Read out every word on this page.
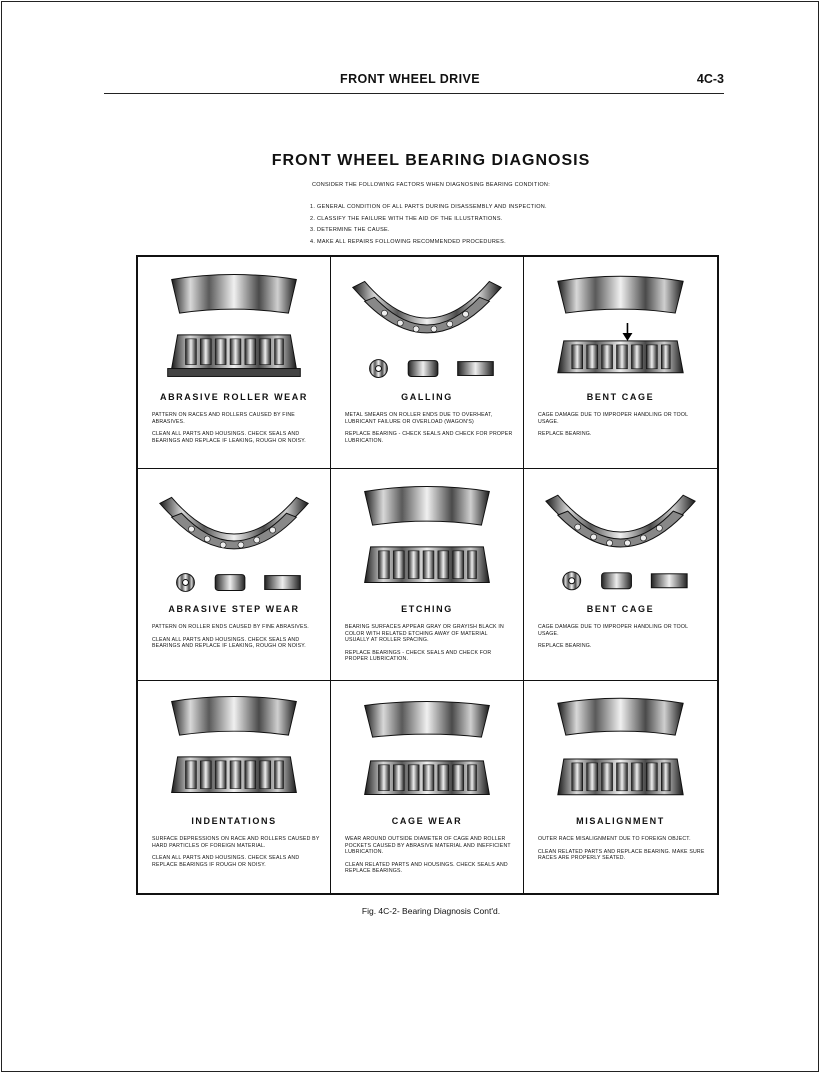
FRONT WHEEL DRIVE	4C-3
FRONT WHEEL BEARING DIAGNOSIS
CONSIDER THE FOLLOWING FACTORS WHEN DIAGNOSING BEARING CONDITION:
1. GENERAL CONDITION OF ALL PARTS DURING DISASSEMBLY AND INSPECTION.
2. CLASSIFY THE FAILURE WITH THE AID OF THE ILLUSTRATIONS.
3. DETERMINE THE CAUSE.
4. MAKE ALL REPAIRS FOLLOWING RECOMMENDED PROCEDURES.
ABRASIVE ROLLER WEAR

PATTERN ON RACES AND ROLLERS CAUSED BY FINE ABRASIVES.

CLEAN ALL PARTS AND HOUSINGS. CHECK SEALS AND BEARINGS AND REPLACE IF LEAKING, ROUGH OR NOISY.

GALLING

METAL SMEARS ON ROLLER ENDS DUE TO OVERHEAT, LUBRICANT FAILURE OR OVERLOAD (WAGON'S)

REPLACE BEARING - CHECK SEALS AND CHECK FOR PROPER LUBRICATION.

BENT CAGE

CAGE DAMAGE DUE TO IMPROPER HANDLING OR TOOL USAGE.

REPLACE BEARING.

ABRASIVE STEP WEAR

PATTERN ON ROLLER ENDS CAUSED BY FINE ABRASIVES.

CLEAN ALL PARTS AND HOUSINGS. CHECK SEALS AND BEARINGS AND REPLACE IF LEAKING, ROUGH OR NOISY.

ETCHING

BEARING SURFACES APPEAR GRAY OR GRAYISH BLACK IN COLOR WITH RELATED ETCHING AWAY OF MATERIAL USUALLY AT ROLLER SPACING.

REPLACE BEARINGS - CHECK SEALS AND CHECK FOR PROPER LUBRICATION.

BENT CAGE

CAGE DAMAGE DUE TO IMPROPER HANDLING OR TOOL USAGE.

REPLACE BEARING.

INDENTATIONS

SURFACE DEPRESSIONS ON RACE AND ROLLERS CAUSED BY HARD PARTICLES OF FOREIGN MATERIAL.

CLEAN ALL PARTS AND HOUSINGS. CHECK SEALS AND REPLACE BEARINGS IF ROUGH OR NOISY.

CAGE WEAR

WEAR AROUND OUTSIDE DIAMETER OF CAGE AND ROLLER POCKETS CAUSED BY ABRASIVE MATERIAL AND INEFFICIENT LUBRICATION.

CLEAN RELATED PARTS AND HOUSINGS. CHECK SEALS AND REPLACE BEARINGS.

MISALIGNMENT

OUTER RACE MISALIGNMENT DUE TO FOREIGN OBJECT.

CLEAN RELATED PARTS AND REPLACE BEARING. MAKE SURE RACES ARE PROPERLY SEATED.

Fig. 4C-2- Bearing Diagnosis Cont'd.
